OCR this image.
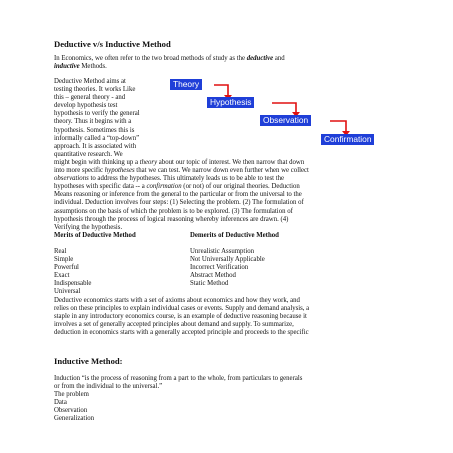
Deductive v/s Inductive Method
In Economics, we often refer to the two broad methods of study as the deductive and
inductive Methods.
Deductive Method aims at
testing theories. It works Like
this – general theory - and
develop hypothesis test
hypothesis to verify the general
theory. Thus it begins with a
hypothesis. Sometimes this is
informally called a “top-down”
approach. It is associated with
quantitative research. We
Theory
Hypothesis
Observation
Confirmation
might begin with thinking up a theory about our topic of interest. We then narrow that down
into more specific hypotheses that we can test. We narrow down even further when we collect
observations to address the hypotheses. This ultimately leads us to be able to test the
hypotheses with specific data -- a confirmation (or not) of our original theories. Deduction
Means reasoning or inference from the general to the particular or from the universal to the
individual. Deduction involves four steps: (1) Selecting the problem. (2) The formulation of
assumptions on the basis of which the problem is to be explored. (3) The formulation of
hypothesis through the process of logical reasoning whereby inferences are drawn. (4)
Verifying the hypothesis.
Merits of Deductive Method	Demerits of Deductive Method
Real
Simple
Powerful
Exact
Indispensable
Universal
Unrealistic Assumption
Not Universally Applicable
Incorrect Verification
Abstract Method
Static Method
Deductive economics starts with a set of axioms about economics and how they work, and
relies on these principles to explain individual cases or events. Supply and demand analysis, a
staple in any introductory economics course, is an example of deductive reasoning because it
involves a set of generally accepted principles about demand and supply. To summarize,
deduction in economics starts with a generally accepted principle and proceeds to the specific
Inductive Method:
Induction “is the process of reasoning from a part to the whole, from particulars to generals
or from the individual to the universal.”
The problem
Data
Observation
Generalization
